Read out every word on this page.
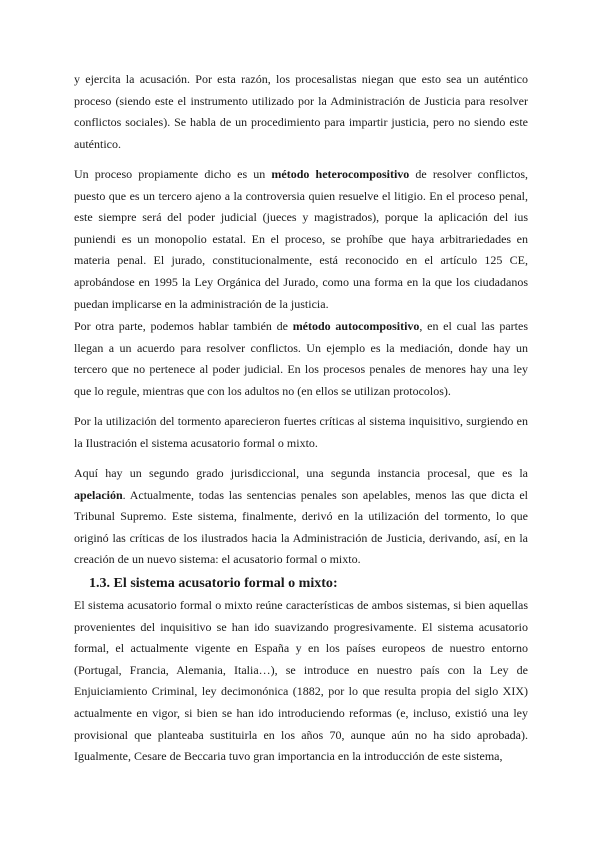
y ejercita la acusación. Por esta razón, los procesalistas niegan que esto sea un auténtico proceso (siendo este el instrumento utilizado por la Administración de Justicia para resolver conflictos sociales). Se habla de un procedimiento para impartir justicia, pero no siendo este auténtico.

Un proceso propiamente dicho es un método heterocompositivo de resolver conflictos, puesto que es un tercero ajeno a la controversia quien resuelve el litigio. En el proceso penal, este siempre será del poder judicial (jueces y magistrados), porque la aplicación del ius puniendi es un monopolio estatal. En el proceso, se prohíbe que haya arbitrariedades en materia penal. El jurado, constitucionalmente, está reconocido en el artículo 125 CE, aprobándose en 1995 la Ley Orgánica del Jurado, como una forma en la que los ciudadanos puedan implicarse en la administración de la justicia.

Por otra parte, podemos hablar también de método autocompositivo, en el cual las partes llegan a un acuerdo para resolver conflictos. Un ejemplo es la mediación, donde hay un tercero que no pertenece al poder judicial. En los procesos penales de menores hay una ley que lo regule, mientras que con los adultos no (en ellos se utilizan protocolos).

Por la utilización del tormento aparecieron fuertes críticas al sistema inquisitivo, surgiendo en la Ilustración el sistema acusatorio formal o mixto.

Aquí hay un segundo grado jurisdiccional, una segunda instancia procesal, que es la apelación. Actualmente, todas las sentencias penales son apelables, menos las que dicta el Tribunal Supremo. Este sistema, finalmente, derivó en la utilización del tormento, lo que originó las críticas de los ilustrados hacia la Administración de Justicia, derivando, así, en la creación de un nuevo sistema: el acusatorio formal o mixto.

1.3. El sistema acusatorio formal o mixto:

El sistema acusatorio formal o mixto reúne características de ambos sistemas, si bien aquellas provenientes del inquisitivo se han ido suavizando progresivamente. El sistema acusatorio formal, el actualmente vigente en España y en los países europeos de nuestro entorno (Portugal, Francia, Alemania, Italia…), se introduce en nuestro país con la Ley de Enjuiciamiento Criminal, ley decimonónica (1882, por lo que resulta propia del siglo XIX) actualmente en vigor, si bien se han ido introduciendo reformas (e, incluso, existió una ley provisional que planteaba sustituirla en los años 70, aunque aún no ha sido aprobada). Igualmente, Cesare de Beccaria tuvo gran importancia en la introducción de este sistema,
